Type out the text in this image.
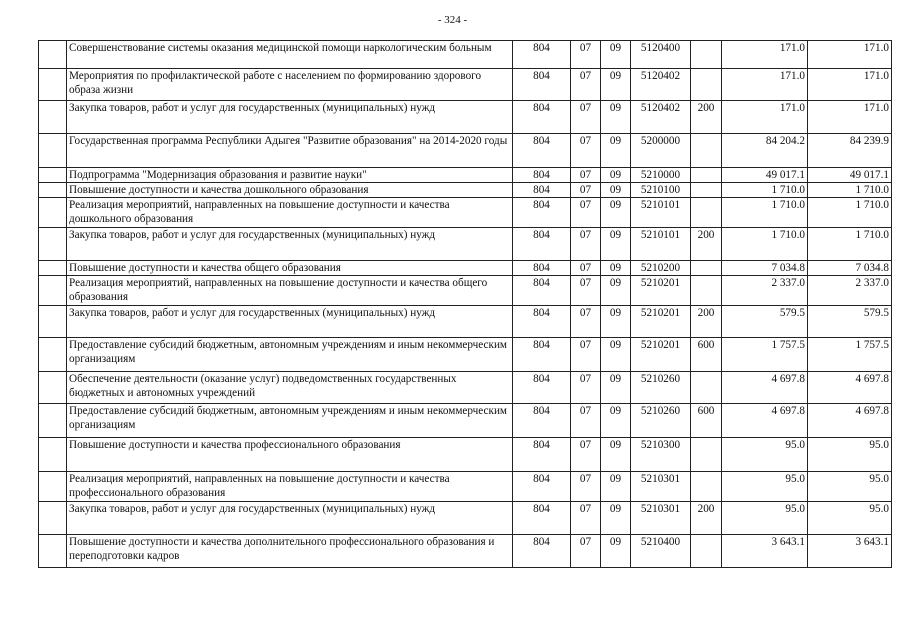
- 324 -
	Совершенствование системы оказания медицинской помощи наркологическим больным	804	07	09	5120400		171.0	171.0
	Мероприятия по профилактической работе с населением по формированию здорового образа жизни	804	07	09	5120402		171.0	171.0
	Закупка товаров, работ и услуг для государственных (муниципальных) нужд	804	07	09	5120402	200	171.0	171.0
	Государственная программа Республики Адыгея "Развитие образования" на 2014-2020 годы	804	07	09	5200000		84 204.2	84 239.9
	Подпрограмма "Модернизация образования и развитие науки"	804	07	09	5210000		49 017.1	49 017.1
	Повышение доступности и качества дошкольного образования	804	07	09	5210100		1 710.0	1 710.0
	Реализация мероприятий, направленных на повышение доступности и качества дошкольного образования	804	07	09	5210101		1 710.0	1 710.0
	Закупка товаров, работ и услуг для государственных (муниципальных) нужд	804	07	09	5210101	200	1 710.0	1 710.0
	Повышение доступности и качества общего образования	804	07	09	5210200		7 034.8	7 034.8
	Реализация мероприятий, направленных на повышение доступности и качества общего образования	804	07	09	5210201		2 337.0	2 337.0
	Закупка товаров, работ и услуг для государственных (муниципальных) нужд	804	07	09	5210201	200	579.5	579.5
	Предоставление субсидий бюджетным, автономным учреждениям и иным некоммерческим организациям	804	07	09	5210201	600	1 757.5	1 757.5
	Обеспечение деятельности (оказание услуг) подведомственных государственных бюджетных и автономных учреждений	804	07	09	5210260		4 697.8	4 697.8
	Предоставление субсидий бюджетным, автономным учреждениям и иным некоммерческим организациям	804	07	09	5210260	600	4 697.8	4 697.8
	Повышение доступности и качества профессионального образования	804	07	09	5210300		95.0	95.0
	Реализация мероприятий, направленных на повышение доступности и качества профессионального образования	804	07	09	5210301		95.0	95.0
	Закупка товаров, работ и услуг для государственных (муниципальных) нужд	804	07	09	5210301	200	95.0	95.0
	Повышение доступности и качества дополнительного профессионального образования и переподготовки кадров	804	07	09	5210400		3 643.1	3 643.1
